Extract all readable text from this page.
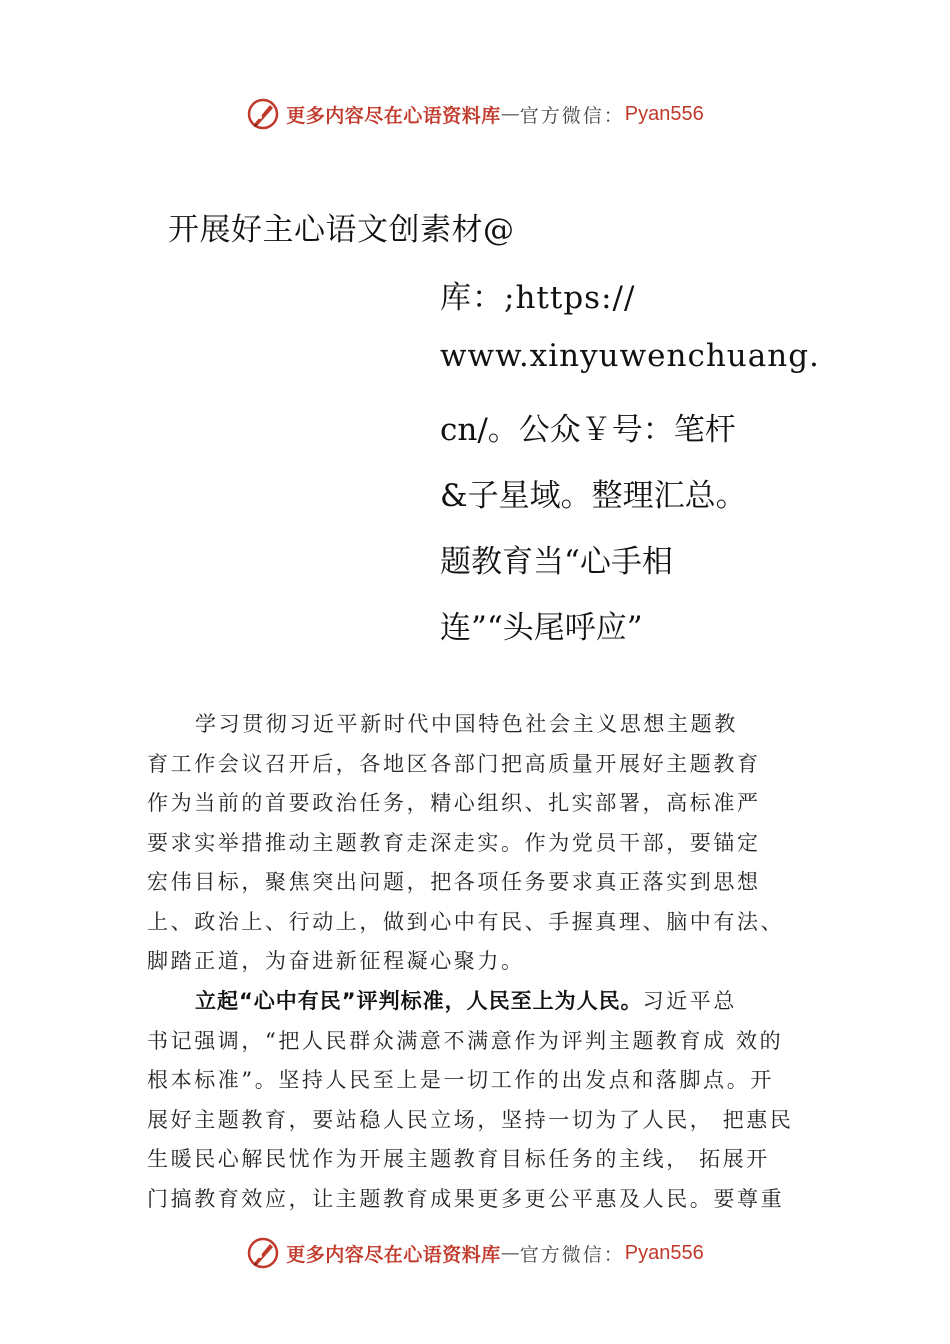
更多内容尽在心语资料库 — 官方微信： Pyan556
开展好主心语文创素材@
库：;https://
www.xinyuwenchuang.
cn/。公众￥号：笔杆
&子星域。整理汇总。
题教育当“心手相
连”“头尾呼应”
学习贯彻习近平新时代中国特色社会主义思想主题教
育工作会议召开后，各地区各部门把高质量开展好主题教育
作为当前的首要政治任务，精心组织、扎实部署，高标准严
要求实举措推动主题教育走深走实。作为党员干部，要锚定
宏伟目标，聚焦突出问题，把各项任务要求真正落实到思想
上、政治上、行动上，做到心中有民、手握真理、脑中有法、
脚踏正道，为奋进新征程凝心聚力。
立起“心中有民”评判标准，人民至上为人民。习近平总
书记强调，“把人民群众满意不满意作为评判主题教育成 效的
根本标准”。坚持人民至上是一切工作的出发点和落脚点。开
展好主题教育，要站稳人民立场，坚持一切为了人民， 把惠民
生暖民心解民忧作为开展主题教育目标任务的主线， 拓展开
门搞教育效应，让主题教育成果更多更公平惠及人民。要尊重
更多内容尽在心语资料库 — 官方微信： Pyan556
